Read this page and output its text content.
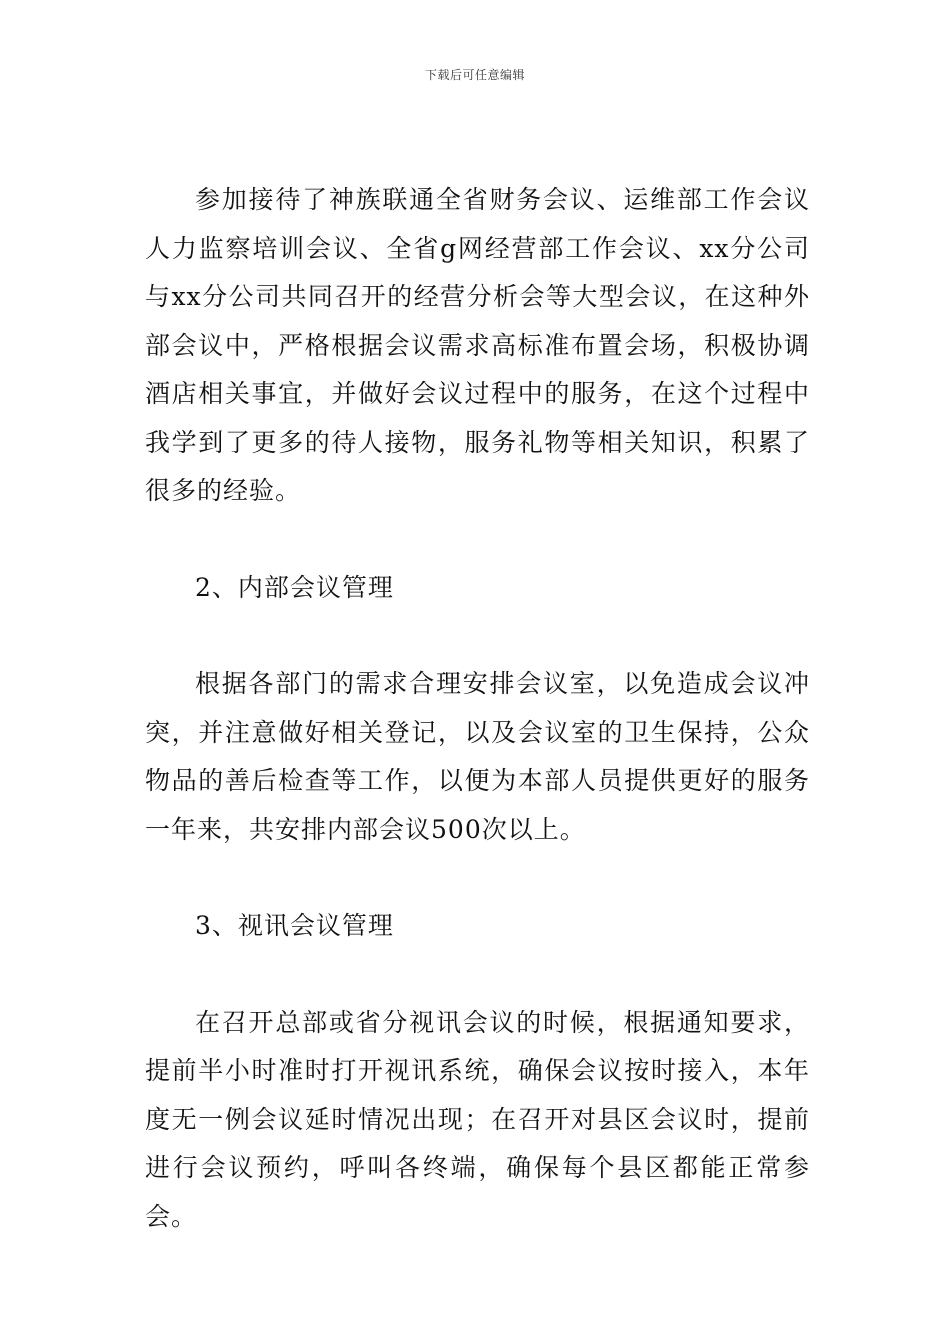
下载后可任意编辑

参加接待了神族联通全省财务会议、运维部工作会议人力监察培训会议、全省g网经营部工作会议、xx分公司与xx分公司共同召开的经营分析会等大型会议，在这种外部会议中，严格根据会议需求高标准布置会场，积极协调酒店相关事宜，并做好会议过程中的服务，在这个过程中我学到了更多的待人接物，服务礼物等相关知识，积累了很多的经验。

2、内部会议管理

根据各部门的需求合理安排会议室，以免造成会议冲突，并注意做好相关登记，以及会议室的卫生保持，公众物品的善后检查等工作，以便为本部人员提供更好的服务一年来，共安排内部会议500次以上。

3、视讯会议管理

在召开总部或省分视讯会议的时候，根据通知要求，提前半小时准时打开视讯系统，确保会议按时接入，本年度无一例会议延时情况出现；在召开对县区会议时，提前进行会议预约，呼叫各终端，确保每个县区都能正常参会。
